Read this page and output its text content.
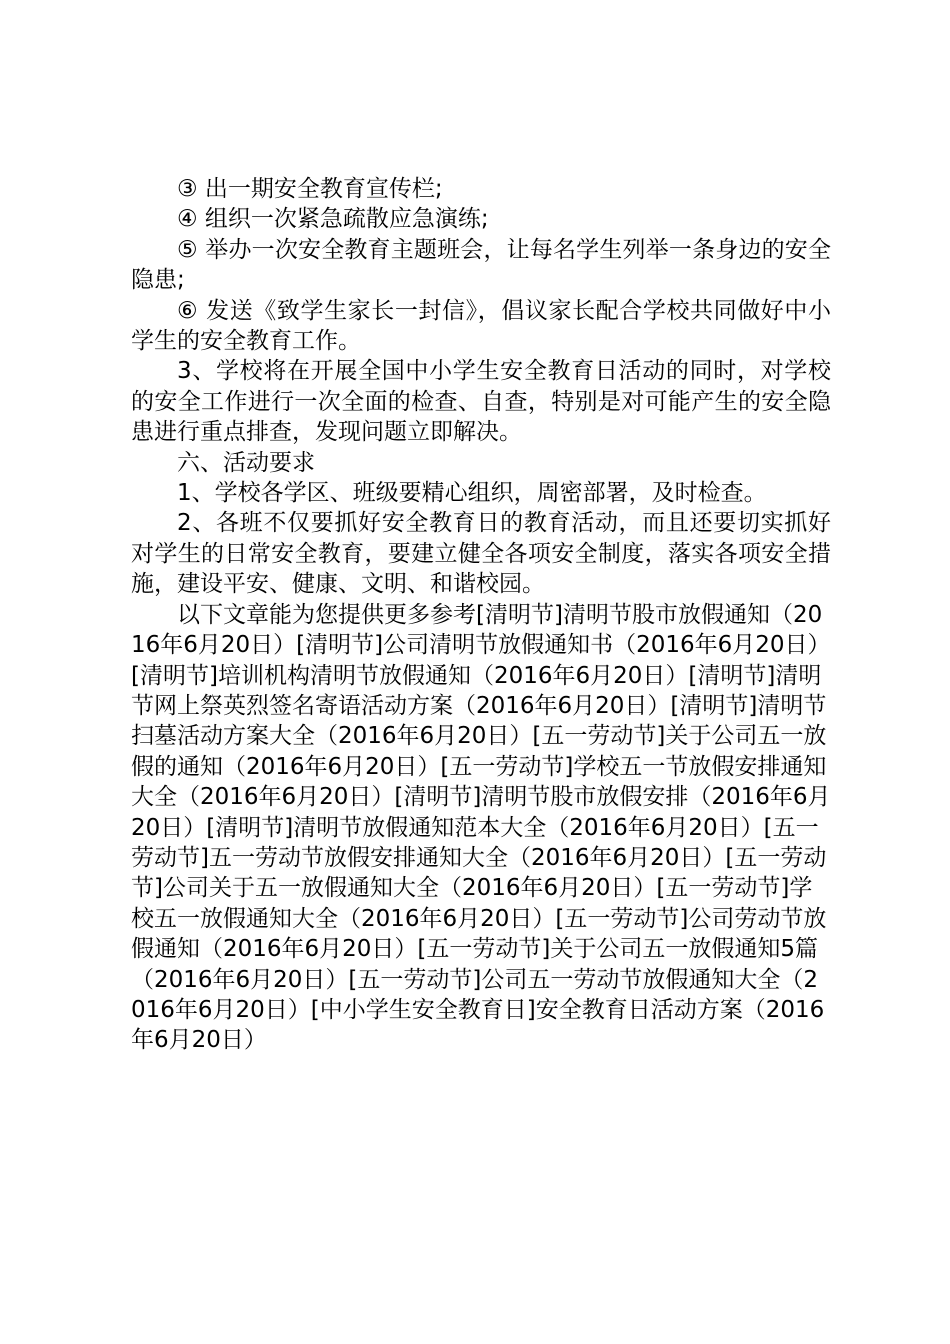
③ 出一期安全教育宣传栏;

④ 组织一次紧急疏散应急演练;

⑤ 举办一次安全教育主题班会，让每名学生列举一条身边的安全隐患;

⑥ 发送《致学生家长一封信》，倡议家长配合学校共同做好中小学生的安全教育工作。

3、学校将在开展全国中小学生安全教育日活动的同时，对学校的安全工作进行一次全面的检查、自查，特别是对可能产生的安全隐患进行重点排查，发现问题立即解决。

六、活动要求

1、学校各学区、班级要精心组织，周密部署，及时检查。

2、各班不仅要抓好安全教育日的教育活动，而且还要切实抓好对学生的日常安全教育，要建立健全各项安全制度，落实各项安全措施，建设平安、健康、文明、和谐校园。

以下文章能为您提供更多参考[清明节]清明节股市放假通知（2016年6月20日）[清明节]公司清明节放假通知书（2016年6月20日）[清明节]培训机构清明节放假通知（2016年6月20日）[清明节]清明节网上祭英烈签名寄语活动方案（2016年6月20日）[清明节]清明节扫墓活动方案大全（2016年6月20日）[五一劳动节]关于公司五一放假的通知（2016年6月20日）[五一劳动节]学校五一节放假安排通知大全（2016年6月20日）[清明节]清明节股市放假安排（2016年6月20日）[清明节]清明节放假通知范本大全（2016年6月20日）[五一劳动节]五一劳动节放假安排通知大全（2016年6月20日）[五一劳动节]公司关于五一放假通知大全（2016年6月20日）[五一劳动节]学校五一放假通知大全（2016年6月20日）[五一劳动节]公司劳动节放假通知（2016年6月20日）[五一劳动节]关于公司五一放假通知5篇（2016年6月20日）[五一劳动节]公司五一劳动节放假通知大全（2016年6月20日）[中小学生安全教育日]安全教育日活动方案（2016年6月20日）
